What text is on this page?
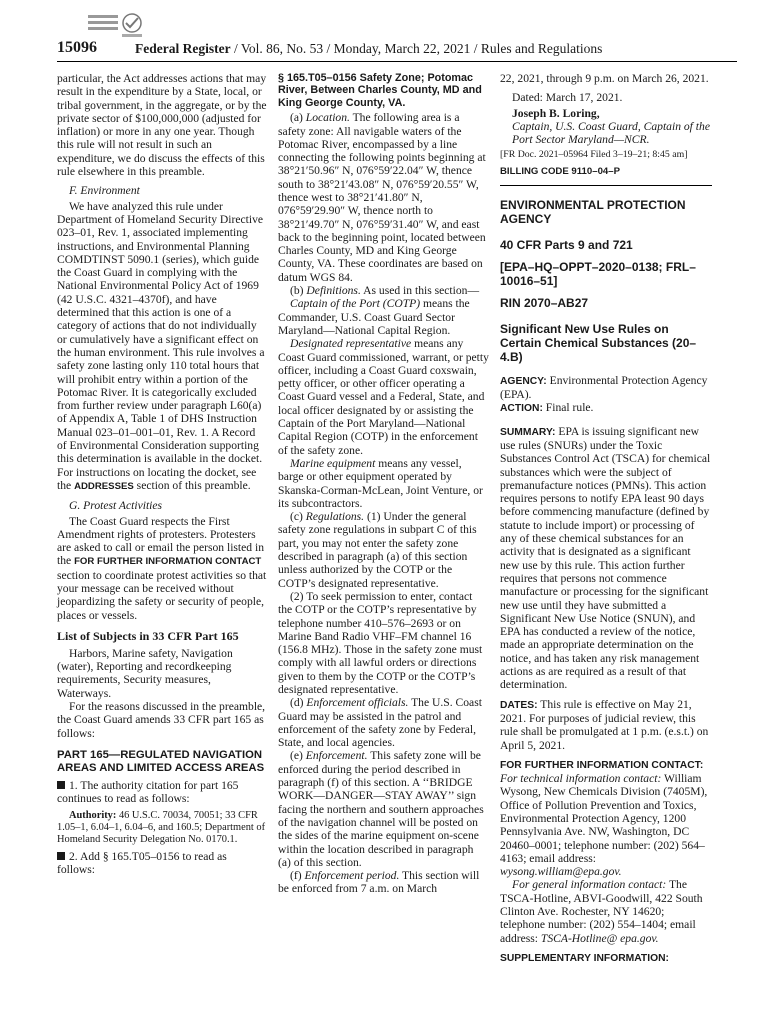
15096	Federal Register / Vol. 86, No. 53 / Monday, March 22, 2021 / Rules and Regulations

particular, the Act addresses actions that may result in the expenditure by a State, local, or tribal government, in the aggregate, or by the private sector of $100,000,000 (adjusted for inflation) or more in any one year. Though this rule will not result in such an expenditure, we do discuss the effects of this rule elsewhere in this preamble.

F. Environment

We have analyzed this rule under Department of Homeland Security Directive 023–01, Rev. 1, associated implementing instructions, and Environmental Planning COMDTINST 5090.1 (series), which guide the Coast Guard in complying with the National Environmental Policy Act of 1969 (42 U.S.C. 4321–4370f), and have determined that this action is one of a category of actions that do not individually or cumulatively have a significant effect on the human environment. This rule involves a safety zone lasting only 110 total hours that will prohibit entry within a portion of the Potomac River. It is categorically excluded from further review under paragraph L60(a) of Appendix A, Table 1 of DHS Instruction Manual 023–01–001–01, Rev. 1. A Record of Environmental Consideration supporting this determination is available in the docket. For instructions on locating the docket, see the ADDRESSES section of this preamble.

G. Protest Activities

The Coast Guard respects the First Amendment rights of protesters. Protesters are asked to call or email the person listed in the FOR FURTHER INFORMATION CONTACT section to coordinate protest activities so that your message can be received without jeopardizing the safety or security of people, places or vessels.

List of Subjects in 33 CFR Part 165

Harbors, Marine safety, Navigation (water), Reporting and recordkeeping requirements, Security measures, Waterways.

For the reasons discussed in the preamble, the Coast Guard amends 33 CFR part 165 as follows:

PART 165—REGULATED NAVIGATION AREAS AND LIMITED ACCESS AREAS

1. The authority citation for part 165 continues to read as follows:

Authority: 46 U.S.C. 70034, 70051; 33 CFR 1.05–1, 6.04–1, 6.04–6, and 160.5; Department of Homeland Security Delegation No. 0170.1.

2. Add § 165.T05–0156 to read as follows:

§ 165.T05–0156 Safety Zone; Potomac River, Between Charles County, MD and King George County, VA.

(a) Location. The following area is a safety zone: All navigable waters of the Potomac River, encompassed by a line connecting the following points beginning at 38°21′50.96″ N, 076°59′22.04″ W, thence south to 38°21′43.08″ N, 076°59′20.55″ W, thence west to 38°21′41.80″ N, 076°59′29.90″ W, thence north to 38°21′49.70″ N, 076°59′31.40″ W, and east back to the beginning point, located between Charles County, MD and King George County, VA. These coordinates are based on datum WGS 84.

(b) Definitions. As used in this section—

Captain of the Port (COTP) means the Commander, U.S. Coast Guard Sector Maryland—National Capital Region.

Designated representative means any Coast Guard commissioned, warrant, or petty officer, including a Coast Guard coxswain, petty officer, or other officer operating a Coast Guard vessel and a Federal, State, and local officer designated by or assisting the Captain of the Port Maryland—National Capital Region (COTP) in the enforcement of the safety zone.

Marine equipment means any vessel, barge or other equipment operated by Skanska-Corman-McLean, Joint Venture, or its subcontractors.

(c) Regulations. (1) Under the general safety zone regulations in subpart C of this part, you may not enter the safety zone described in paragraph (a) of this section unless authorized by the COTP or the COTP’s designated representative.

(2) To seek permission to enter, contact the COTP or the COTP’s representative by telephone number 410–576–2693 or on Marine Band Radio VHF–FM channel 16 (156.8 MHz). Those in the safety zone must comply with all lawful orders or directions given to them by the COTP or the COTP’s designated representative.

(d) Enforcement officials. The U.S. Coast Guard may be assisted in the patrol and enforcement of the safety zone by Federal, State, and local agencies.

(e) Enforcement. This safety zone will be enforced during the period described in paragraph (f) of this section. A ‘‘BRIDGE WORK—DANGER—STAY AWAY’’ sign facing the northern and southern approaches of the navigation channel will be posted on the sides of the marine equipment on-scene within the location described in paragraph (a) of this section.

(f) Enforcement period. This section will be enforced from 7 a.m. on March

22, 2021, through 9 p.m. on March 26, 2021.

Dated: March 17, 2021.

Joseph B. Loring,

Captain, U.S. Coast Guard, Captain of the Port Sector Maryland—NCR.

[FR Doc. 2021–05964 Filed 3–19–21; 8:45 am]

BILLING CODE 9110–04–P

ENVIRONMENTAL PROTECTION AGENCY

40 CFR Parts 9 and 721

[EPA–HQ–OPPT–2020–0138; FRL–10016–51]

RIN 2070–AB27

Significant New Use Rules on Certain Chemical Substances (20–4.B)

AGENCY: Environmental Protection Agency (EPA).

ACTION: Final rule.

SUMMARY: EPA is issuing significant new use rules (SNURs) under the Toxic Substances Control Act (TSCA) for chemical substances which were the subject of premanufacture notices (PMNs). This action requires persons to notify EPA least 90 days before commencing manufacture (defined by statute to include import) or processing of any of these chemical substances for an activity that is designated as a significant new use by this rule. This action further requires that persons not commence manufacture or processing for the significant new use until they have submitted a Significant New Use Notice (SNUN), and EPA has conducted a review of the notice, made an appropriate determination on the notice, and has taken any risk management actions as are required as a result of that determination.

DATES: This rule is effective on May 21, 2021. For purposes of judicial review, this rule shall be promulgated at 1 p.m. (e.s.t.) on April 5, 2021.

FOR FURTHER INFORMATION CONTACT: For technical information contact: William Wysong, New Chemicals Division (7405M), Office of Pollution Prevention and Toxics, Environmental Protection Agency, 1200 Pennsylvania Ave. NW, Washington, DC 20460–0001; telephone number: (202) 564–4163; email address: wysong.william@epa.gov.

For general information contact: The TSCA-Hotline, ABVI-Goodwill, 422 South Clinton Ave. Rochester, NY 14620; telephone number: (202) 554–1404; email address: TSCA-Hotline@ epa.gov.

SUPPLEMENTARY INFORMATION:
